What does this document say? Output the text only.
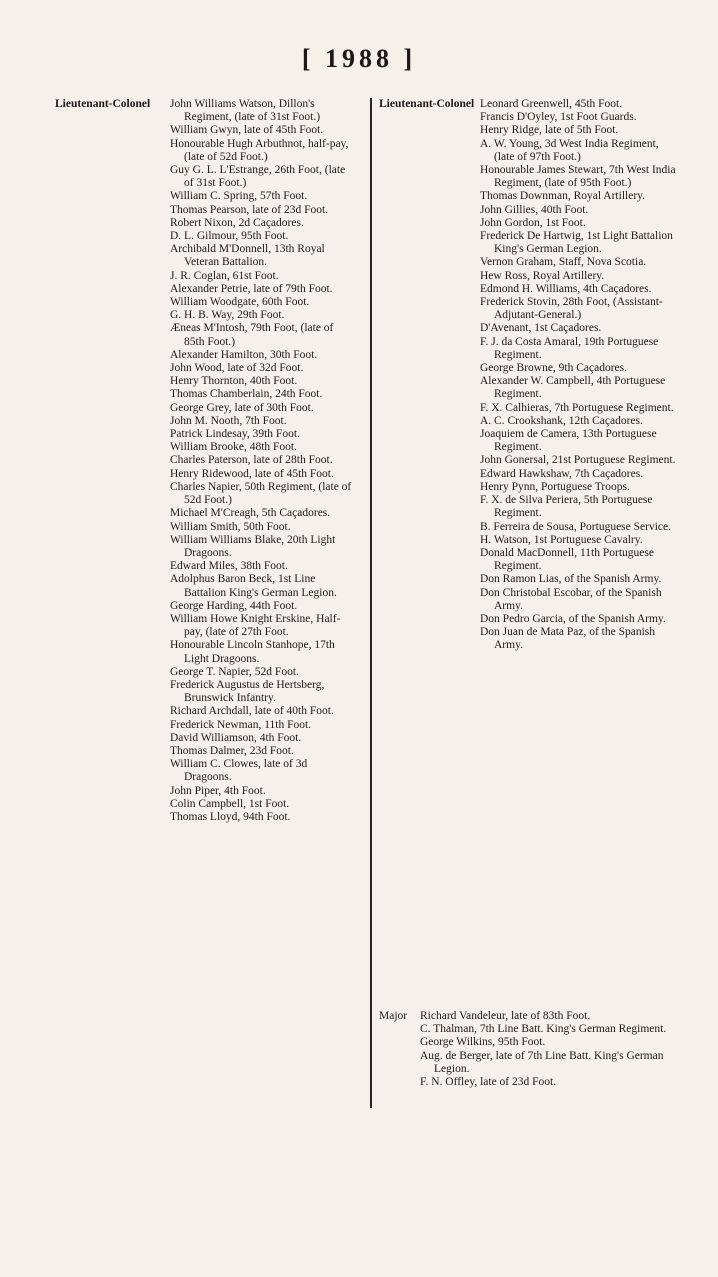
[ 1988 ]
Lieutenant-Colonel	Lieutenant-Colonel

John Williams Watson, Dillon's Regiment, (late of 31st Foot.)

William Gwyn, late of 45th Foot.

Honourable Hugh Arbuthnot, half-pay, (late of 52d Foot.)

Guy G. L. L'Estrange, 26th Foot, (late of 31st Foot.)

William C. Spring, 57th Foot.

Thomas Pearson, late of 23d Foot.

Robert Nixon, 2d Caçadores.

D. L. Gilmour, 95th Foot.

Archibald M'Donnell, 13th Royal Veteran Battalion.

J. R. Coglan, 61st Foot.

Alexander Petrie, late of 79th Foot.

William Woodgate, 60th Foot.

G. H. B. Way, 29th Foot.

Æneas M'Intosh, 79th Foot, (late of 85th Foot.)

Alexander Hamilton, 30th Foot.

John Wood, late of 32d Foot.

Henry Thornton, 40th Foot.

Thomas Chamberlain, 24th Foot.

George Grey, late of 30th Foot.

John M. Nooth, 7th Foot.

Patrick Lindesay, 39th Foot.

William Brooke, 48th Foot.

Charles Paterson, late of 28th Foot.

Henry Ridewood, late of 45th Foot.

Charles Napier, 50th Regiment, (late of 52d Foot.)

Michael M'Creagh, 5th Caçadores.

William Smith, 50th Foot.

William Williams Blake, 20th Light Dragoons.

Edward Miles, 38th Foot.

Adolphus Baron Beck, 1st Line Battalion King's German Legion.

George Harding, 44th Foot.

William Howe Knight Erskine, Half-pay, (late of 27th Foot.

Honourable Lincoln Stanhope, 17th Light Dragoons.

George T. Napier, 52d Foot.

Frederick Augustus de Hertsberg, Brunswick Infantry.

Richard Archdall, late of 40th Foot.

Frederick Newman, 11th Foot.

David Williamson, 4th Foot.

Thomas Dalmer, 23d Foot.

William C. Clowes, late of 3d Dragoons.

John Piper, 4th Foot.

Colin Campbell, 1st Foot.

Thomas Lloyd, 94th Foot.

Leonard Greenwell, 45th Foot.

Francis D'Oyley, 1st Foot Guards.

Henry Ridge, late of 5th Foot.

A. W. Young, 3d West India Regiment, (late of 97th Foot.)

Honourable James Stewart, 7th West India Regiment, (late of 95th Foot.)

Thomas Downman, Royal Artillery.

John Gillies, 40th Foot.

John Gordon, 1st Foot.

Frederick De Hartwig, 1st Light Battalion King's German Legion.

Vernon Graham, Staff, Nova Scotia.

Hew Ross, Royal Artillery.

Edmond H. Williams, 4th Caçadores.

Frederick Stovin, 28th Foot, (Assistant-Adjutant-General.)

D'Avenant, 1st Caçadores.

F. J. da Costa Amaral, 19th Portuguese Regiment.

George Browne, 9th Caçadores.

Alexander W. Campbell, 4th Portuguese Regiment.

F. X. Calhieras, 7th Portuguese Regiment.

A. C. Crookshank, 12th Caçadores.

Joaquiem de Camera, 13th Portuguese Regiment.

John Gonersal, 21st Portuguese Regiment.

Edward Hawkshaw, 7th Caçadores.

Henry Pynn, Portuguese Troops.

F. X. de Silva Periera, 5th Portuguese Regiment.

B. Ferreira de Sousa, Portuguese Service.

H. Watson, 1st Portuguese Cavalry.

Donald MacDonnell, 11th Portuguese Regiment.

Don Ramon Lias, of the Spanish Army.

Don Christobal Escobar, of the Spanish Army.

Don Pedro Garcia, of the Spanish Army.

Don Juan de Mata Paz, of the Spanish Army.

Major Richard Vandeleur, late of 83th Foot.

C. Thalman, 7th Line Batt. King's German Regiment.

George Wilkins, 95th Foot.

Aug. de Berger, late of 7th Line Batt. King's German Legion.

F. N. Offley, late of 23d Foot.
